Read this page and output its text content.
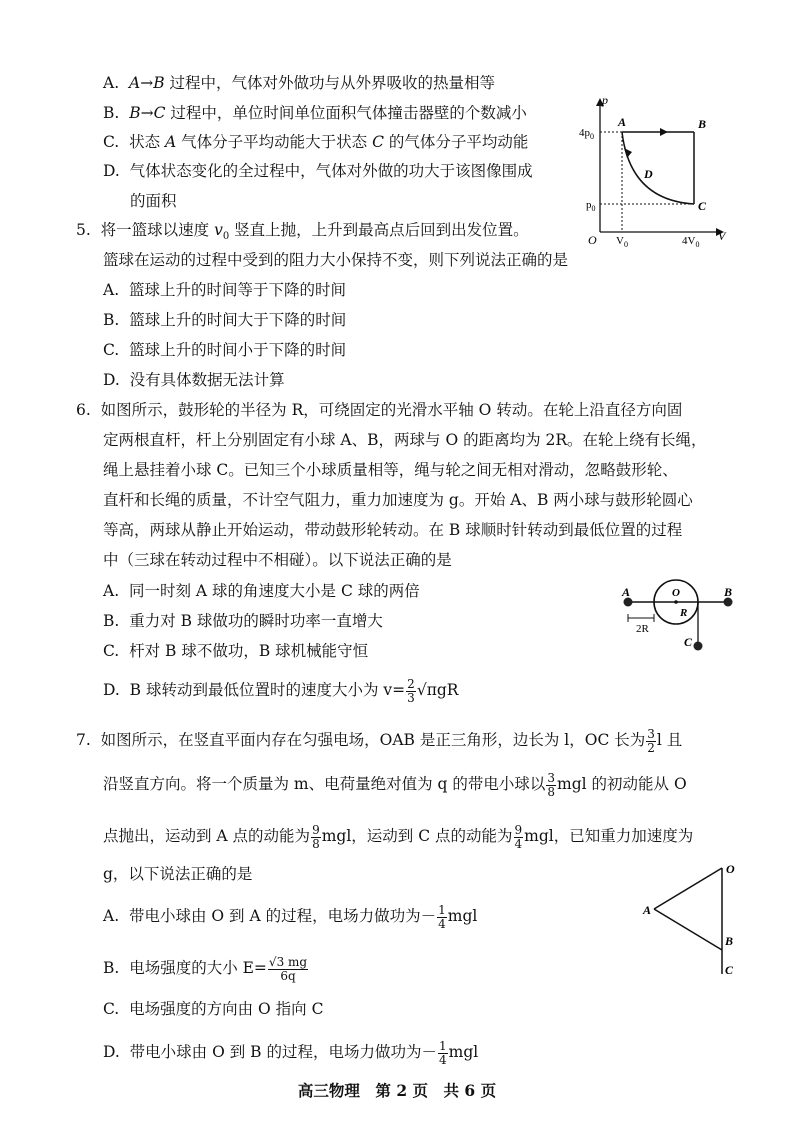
A. A→B 过程中，气体对外做功与从外界吸收的热量相等
B. B→C 过程中，单位时间单位面积气体撞击器壁的个数减小
C. 状态 A 气体分子平均动能大于状态 C 的气体分子平均动能
D. 气体状态变化的全过程中，气体对外做的功大于该图像围成
的面积
p
V
O
$4p_0$
$p_0$
$V_0$	$4V_0$
A	B
C
D
5. 将一篮球以速度 $v_0$ 竖直上抛，上升到最高点后回到出发位置。
篮球在运动的过程中受到的阻力大小保持不变，则下列说法正确的是
A. 篮球上升的时间等于下降的时间
B. 篮球上升的时间大于下降的时间
C. 篮球上升的时间小于下降的时间
D. 没有具体数据无法计算
6. 如图所示，鼓形轮的半径为 R，可绕固定的光滑水平轴 O 转动。在轮上沿直径方向固
定两根直杆，杆上分别固定有小球 A、B，两球与 O 的距离均为 2R。在轮上绕有长绳，
绳上悬挂着小球 C。已知三个小球质量相等，绳与轮之间无相对滑动，忽略鼓形轮、
直杆和长绳的质量，不计空气阻力，重力加速度为 g。开始 A、B 两小球与鼓形轮圆心
等高，两球从静止开始运动，带动鼓形轮转动。在 B 球顺时针转动到最低位置的过程
中（三球在转动过程中不相碰）。以下说法正确的是
A. 同一时刻 A 球的角速度大小是 C 球的两倍
B. 重力对 B 球做功的瞬时功率一直增大
C. 杆对 B 球不做功，B 球机械能守恒
D. B 球转动到最低位置时的速度大小为 $v= \frac{2}{3} √\pi gR$
A	B
O
R
2R
C
7. 如图所示，在竖直平面内存在匀强电场，OAB 是正三角形，边长为 l，OC 长为 $\frac{3}{2}$ l 且
沿竖直方向。将一个质量为 m、电荷量绝对值为 q 的带电小球以 $\frac{3}{8}$ mgl 的初动能从 O
点抛出，运动到 A 点的动能为 $\frac{9}{8}$ mgl，运动到 C 点的动能为 $\frac{9}{4}$ mgl，已知重力加速度为
g，以下说法正确的是
A. 带电小球由 O 到 A 的过程，电场力做功为－ $\frac{1}{4}$ mgl
B. 电场强度的大小 $E= \frac{√3 mg}{6q}$
C. 电场强度的方向由 O 指向 C
D. 带电小球由 O 到 B 的过程，电场力做功为－ $\frac{1}{4}$ mgl
O
A
B
C
高三物理　第 2 页　共 6 页
